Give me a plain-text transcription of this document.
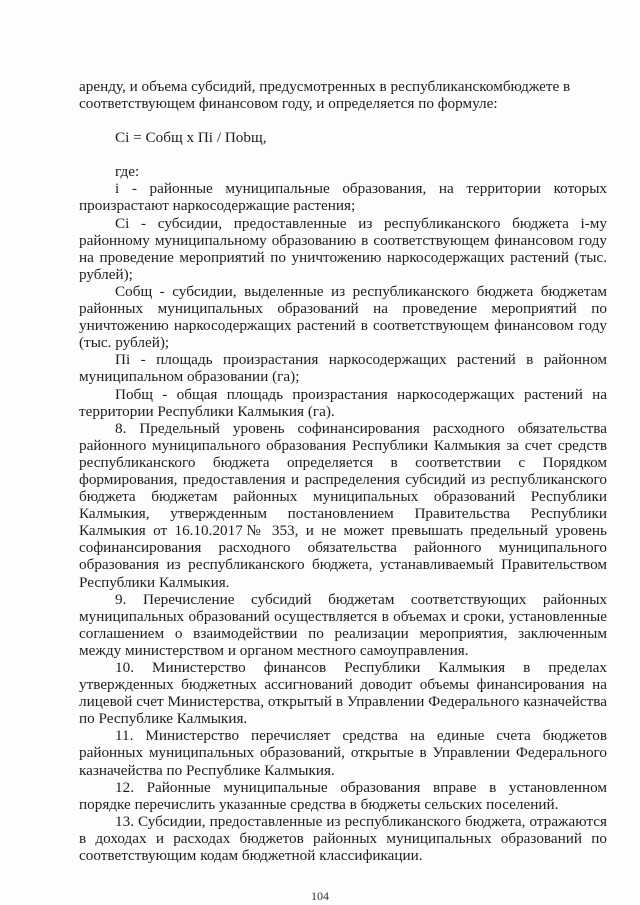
аренду, и объема субсидий, предусмотренных в республиканскомбюджете в соответствующем финансовом году, и определяется по формуле:

Ci = Собщ x Пi / Пobщ,

где:

i - районные муниципальные образования, на территории которых произрастают наркосодержащие растения;

Ci - субсидии, предоставленные из республиканского бюджета i-му районному муниципальному образованию в соответствующем финансовом году на проведение мероприятий по уничтожению наркосодержащих растений (тыс. рублей);

Собщ - субсидии, выделенные из республиканского бюджета бюджетам районных муниципальных образований на проведение мероприятий по уничтожению наркосодержащих растений в соответствующем финансовом году (тыс. рублей);

Пi - площадь произрастания наркосодержащих растений в районном муниципальном образовании (га);

Побщ - общая площадь произрастания наркосодержащих растений на территории Республики Калмыкия (га).

8. Предельный уровень софинансирования расходного обязательства районного муниципального образования Республики Калмыкия за счет средств республиканского бюджета определяется в соответствии с Порядком формирования, предоставления и распределения субсидий из республиканского бюджета бюджетам районных муниципальных образований Республики Калмыкия, утвержденным постановлением Правительства Республики Калмыкия от 16.10.2017№ 353, и не может превышать предельный уровень софинансирования расходного обязательства районного муниципального образования из республиканского бюджета, устанавливаемый Правительством Республики Калмыкия.

9. Перечисление субсидий бюджетам соответствующих районных муниципальных образований осуществляется в объемах и сроки, установленные соглашением о взаимодействии по реализации мероприятия, заключенным между министерством и органом местного самоуправления.

10. Министерство финансов Республики Калмыкия в пределах утвержденных бюджетных ассигнований доводит объемы финансирования на лицевой счет Министерства, открытый в Управлении Федерального казначейства по Республике Калмыкия.

11. Министерство перечисляет средства на единые счета бюджетов районных муниципальных образований, открытые в Управлении Федерального казначейства по Республике Калмыкия.

12. Районные муниципальные образования вправе в установленном порядке перечислить указанные средства в бюджеты сельских поселений.

13. Субсидии, предоставленные из республиканского бюджета, отражаются в доходах и расходах бюджетов районных муниципальных образований по соответствующим кодам бюджетной классификации.

104
